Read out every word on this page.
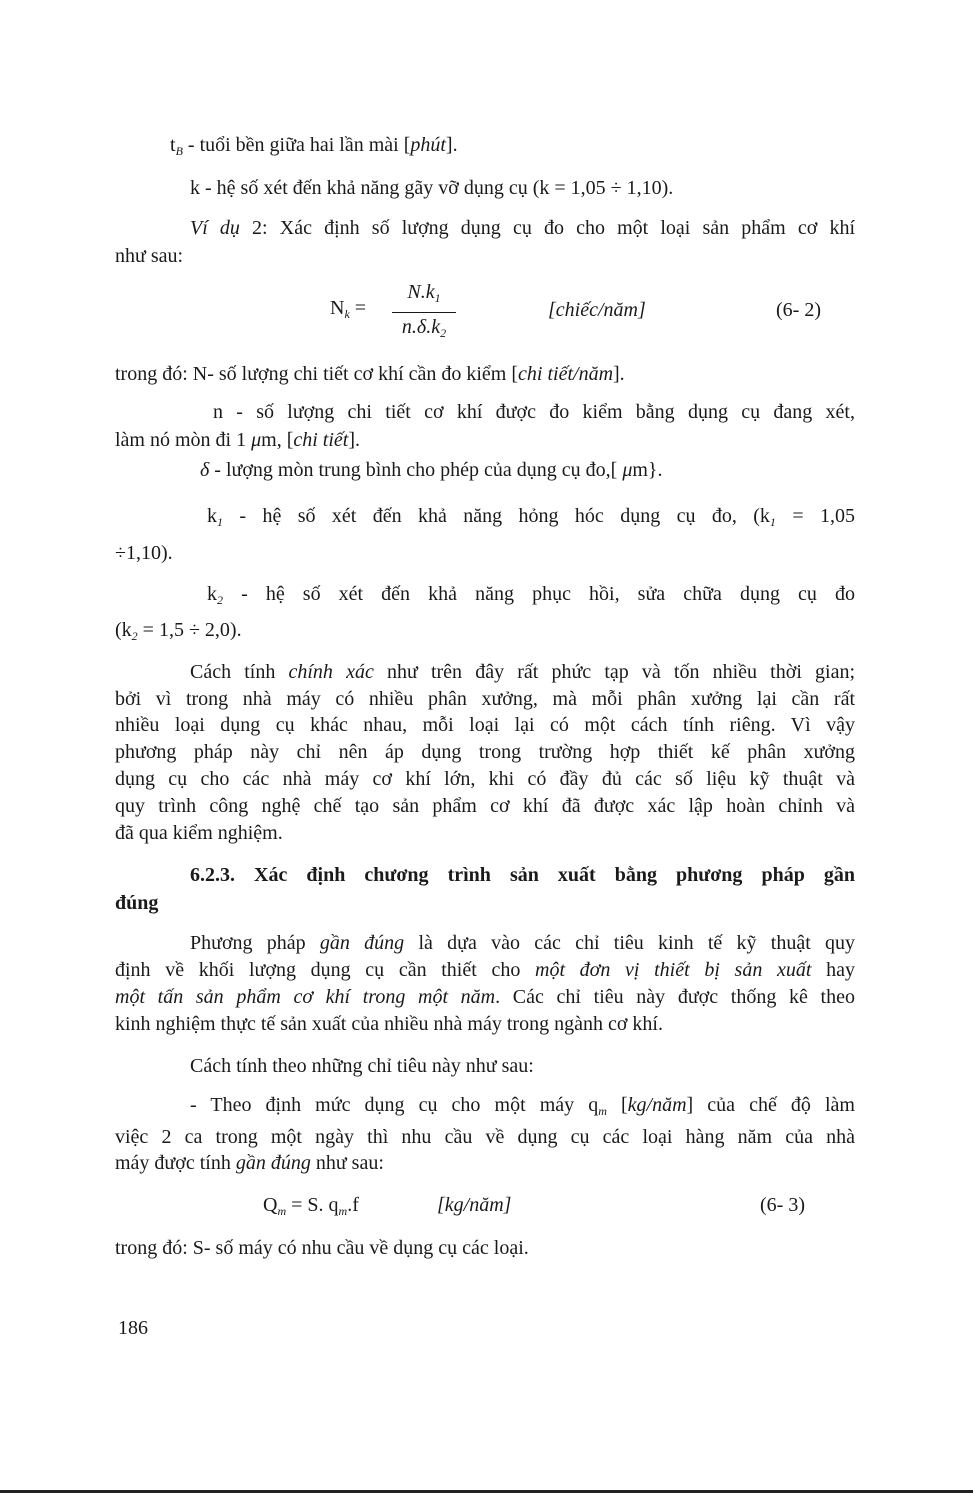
$t_B$ - tuổi bền giữa hai lần mài [phút].
k - hệ số xét đến khả năng gãy vỡ dụng cụ (k = 1,05 ÷ 1,10).
Ví dụ 2: Xác định số lượng dụng cụ đo cho một loại sản phẩm cơ khí
như sau:
trong đó: N- số lượng chi tiết cơ khí cần đo kiểm [chi tiết/năm].
n - số lượng chi tiết cơ khí được đo kiểm bằng dụng cụ đang xét,
làm nó mòn đi 1 μm, [chi tiết].
δ - lượng mòn trung bình cho phép của dụng cụ đo,[ μm}.
$k_1$ - hệ số xét đến khả năng hỏng hóc dụng cụ đo, ($k_1 = 1,05$
÷1,10).
$k_2$ - hệ số xét đến khả năng phục hồi, sửa chữa dụng cụ đo
$(k_2 = 1,5 \div 2,0)$.
Cách tính chính xác như trên đây rất phức tạp và tốn nhiều thời gian;
bởi vì trong nhà máy có nhiều phân xưởng, mà mỗi phân xưởng lại cần rất
nhiều loại dụng cụ khác nhau, mỗi loại lại có một cách tính riêng. Vì vậy
phương pháp này chỉ nên áp dụng trong trường hợp thiết kế phân xưởng
dụng cụ cho các nhà máy cơ khí lớn, khi có đầy đủ các số liệu kỹ thuật và
quy trình công nghệ chế tạo sản phẩm cơ khí đã được xác lập hoàn chỉnh và
đã qua kiểm nghiệm.
6.2.3. Xác định chương trình sản xuất bằng phương pháp gần
đúng
Phương pháp gần đúng là dựa vào các chỉ tiêu kinh tế kỹ thuật quy
định về khối lượng dụng cụ cần thiết cho một đơn vị thiết bị sản xuất hay
một tấn sản phẩm cơ khí trong một năm. Các chỉ tiêu này được thống kê theo
kinh nghiệm thực tế sản xuất của nhiều nhà máy trong ngành cơ khí.
Cách tính theo những chỉ tiêu này như sau:
- Theo định mức dụng cụ cho một máy $q_m$ [kg/năm] của chế độ làm
việc 2 ca trong một ngày thì nhu cầu về dụng cụ các loại hàng năm của nhà
máy được tính gần đúng như sau:
trong đó: S- số máy có nhu cầu về dụng cụ các loại.
$N_k = \frac{N.k_1}{n.\delta.k_2}$	[chiếc/năm]	(6- 2)
$Q_m = S$. $q_m.f$	[kg/năm]	(6- 3)
186
